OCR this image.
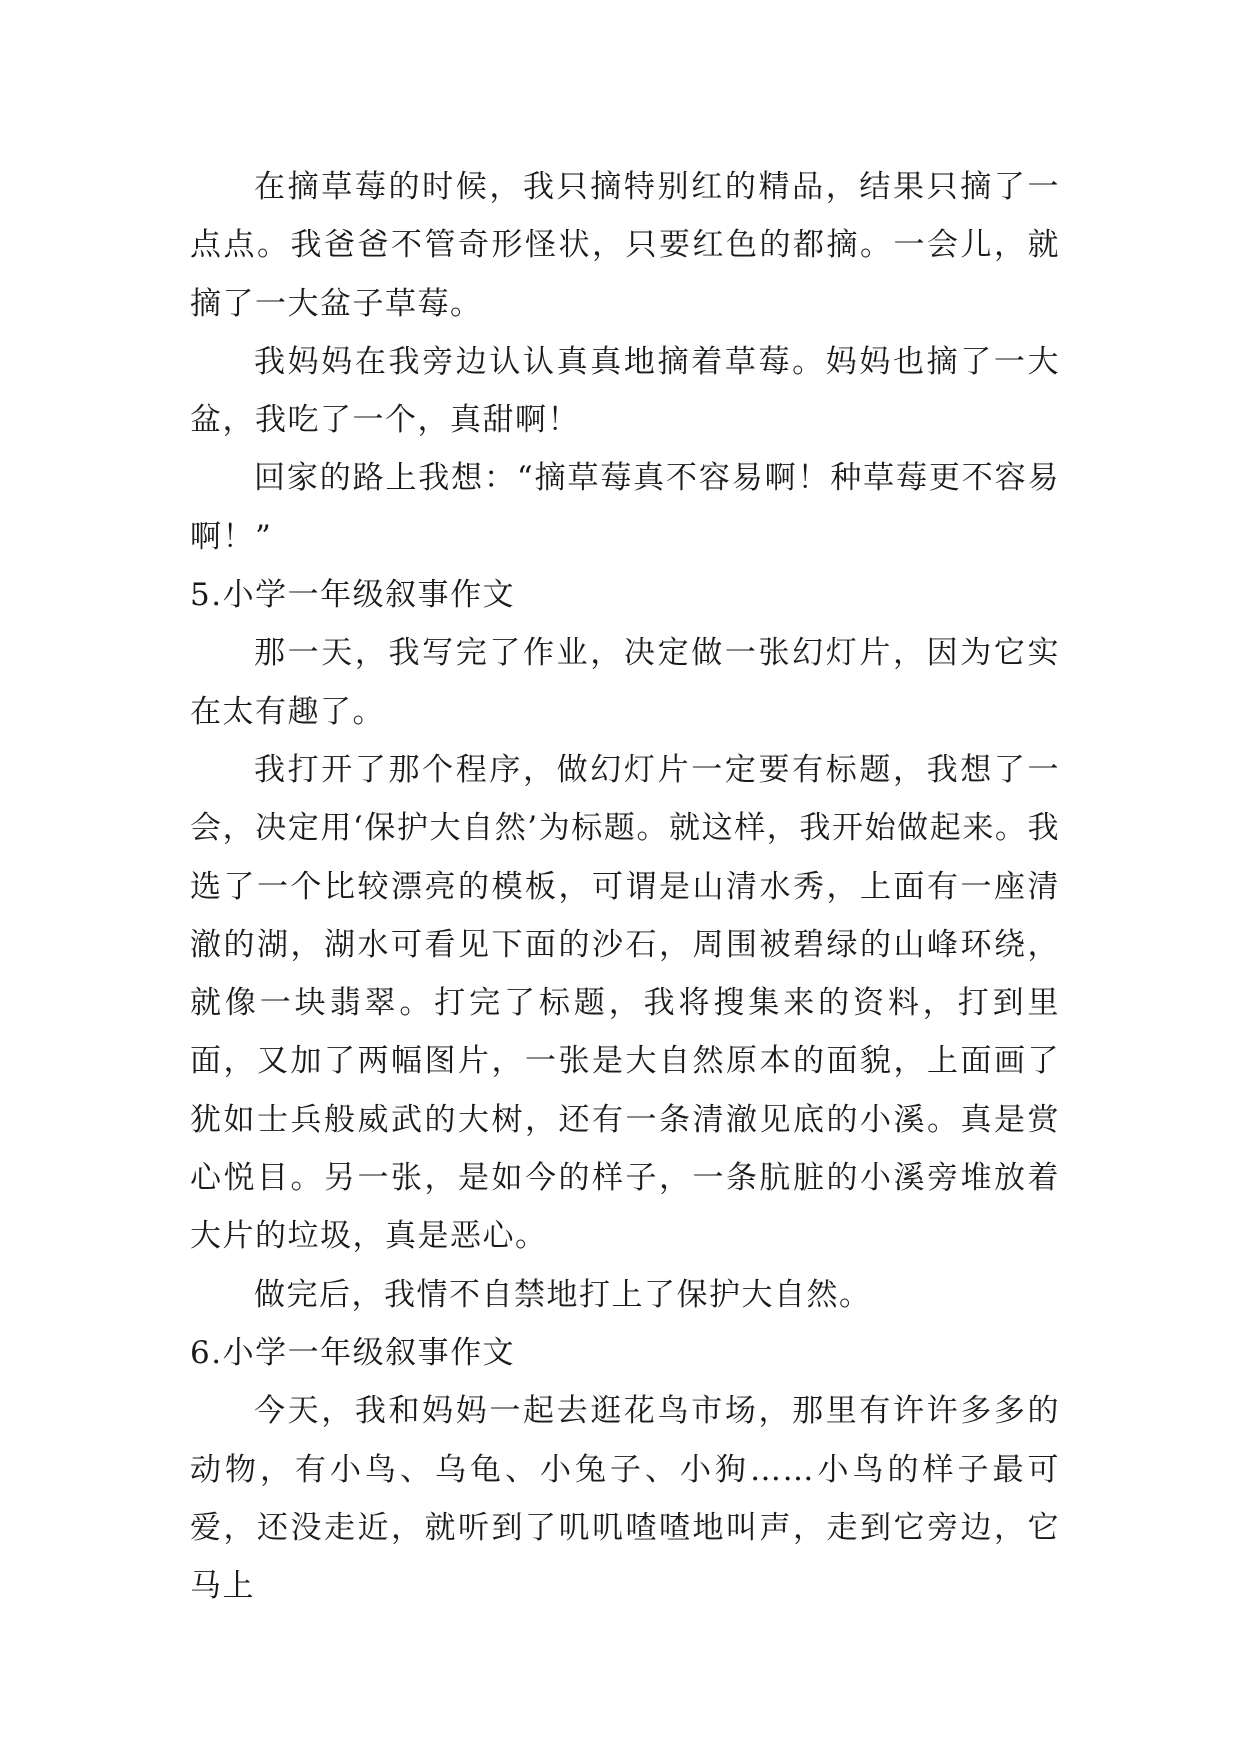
在摘草莓的时候，我只摘特别红的精品，结果只摘了一点点。我爸爸不管奇形怪状，只要红色的都摘。一会儿，就摘了一大盆子草莓。

我妈妈在我旁边认认真真地摘着草莓。妈妈也摘了一大盆，我吃了一个，真甜啊！

回家的路上我想：“摘草莓真不容易啊！种草莓更不容易啊！”

5.小学一年级叙事作文

那一天，我写完了作业，决定做一张幻灯片，因为它实在太有趣了。

我打开了那个程序，做幻灯片一定要有标题，我想了一会，决定用‘保护大自然’为标题。就这样，我开始做起来。我选了一个比较漂亮的模板，可谓是山清水秀，上面有一座清澈的湖，湖水可看见下面的沙石，周围被碧绿的山峰环绕，就像一块翡翠。打完了标题，我将搜集来的资料，打到里面，又加了两幅图片，一张是大自然原本的面貌，上面画了犹如士兵般威武的大树，还有一条清澈见底的小溪。真是赏心悦目。另一张，是如今的样子，一条肮脏的小溪旁堆放着大片的垃圾，真是恶心。

做完后，我情不自禁地打上了保护大自然。

6.小学一年级叙事作文

今天，我和妈妈一起去逛花鸟市场，那里有许许多多的动物，有小鸟、乌龟、小兔子、小狗……小鸟的样子最可爱，还没走近，就听到了叽叽喳喳地叫声，走到它旁边，它马上
